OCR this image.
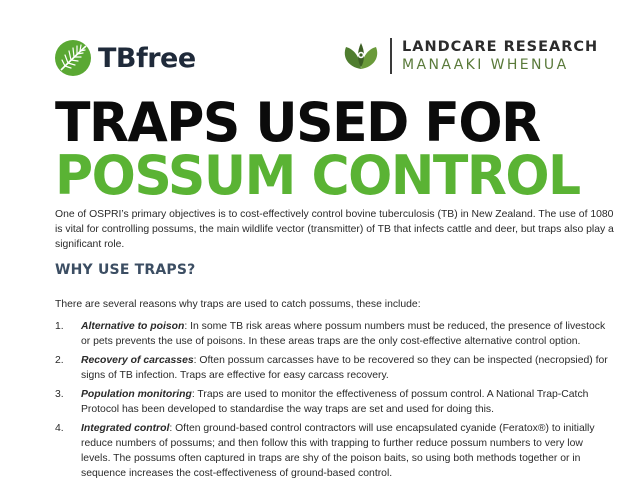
TBfree	LANDCARE RESEARCH
MANAAKI WHENUA
TRAPS USED FOR
POSSUM CONTROL

One of OSPRI’s primary objectives is to cost-effectively control bovine tuberculosis (TB) in New Zealand. The use of 1080 is vital for controlling possums, the main wildlife vector (transmitter) of TB that infects cattle and deer, but traps also play a significant role.

WHY USE TRAPS?

There are several reasons why traps are used to catch possums, these include:

1.	Alternative to poison: In some TB risk areas where possum numbers must be reduced, the presence of livestock or pets prevents the use of poisons. In these areas traps are the only cost-effective alternative control option.
2.	Recovery of carcasses: Often possum carcasses have to be recovered so they can be inspected (necropsied) for signs of TB infection. Traps are effective for easy carcass recovery.
3.	Population monitoring: Traps are used to monitor the effectiveness of possum control. A National Trap-Catch Protocol has been developed to standardise the way traps are set and used for doing this.
4.	Integrated control: Often ground-based control contractors will use encapsulated cyanide (Feratox®) to initially reduce numbers of possums; and then follow this with trapping to further reduce possum numbers to very low levels. The possums often captured in traps are shy of the poison baits, so using both methods together or in sequence increases the cost-effectiveness of ground-based control.
